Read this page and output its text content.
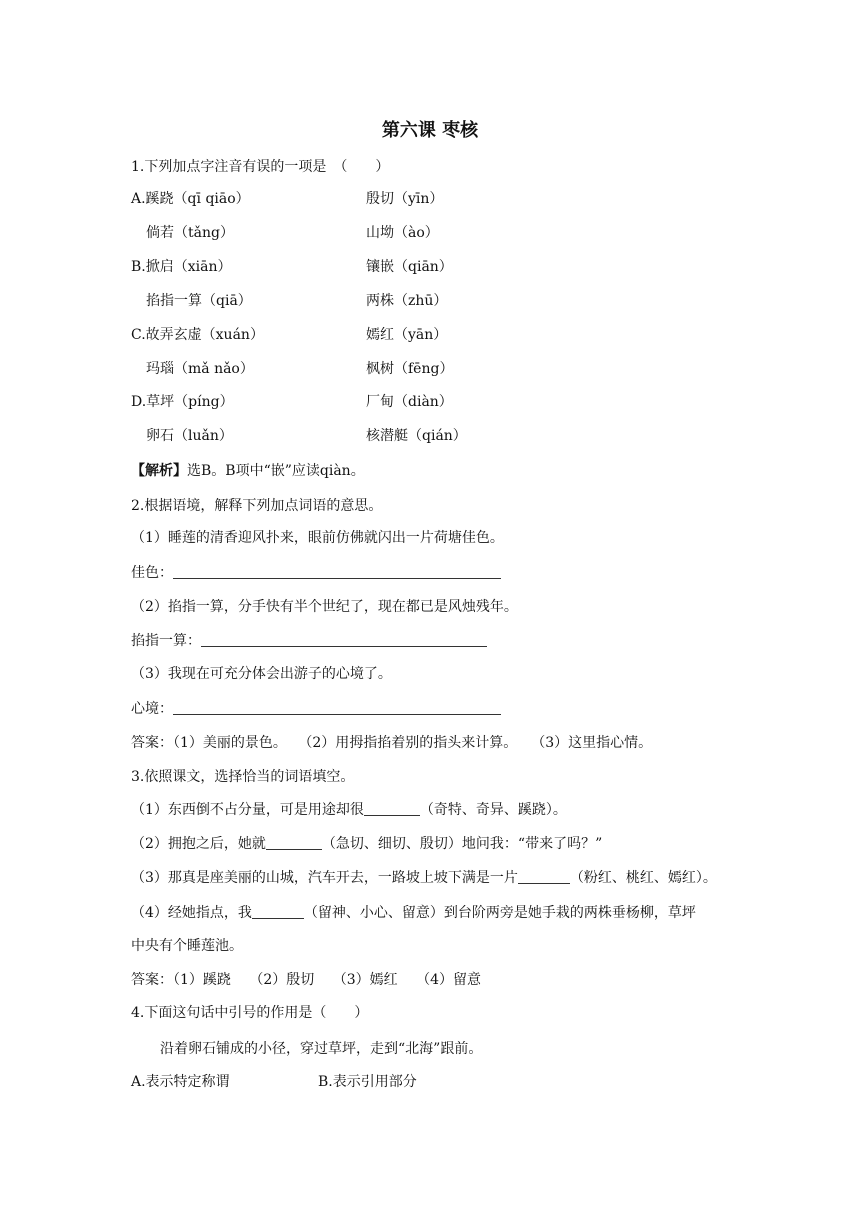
第六课 枣核
1.下列加点字注音有误的一项是　（　　）
A.蹊跷（qī qiāo）	殷切（yīn）
倘若（tǎng）	山坳（ào）
B.掀启（xiān）	镶嵌（qiān）
掐指一算（qiā）	两株（zhū）
C.故弄玄虚（xuán）	嫣红（yān）
玛瑙（mǎ nǎo）	枫树（fēng）
D.草坪（píng）	厂甸（diàn）
卵石（luǎn）	核潜艇（qián）
【解析】选B。B项中“嵌”应读qiàn。
2.根据语境，解释下列加点词语的意思。
（1）睡莲的清香迎风扑来，眼前仿佛就闪出一片荷塘佳色。
佳色：
（2）掐指一算，分手快有半个世纪了，现在都已是风烛残年。
掐指一算：
（3）我现在可充分体会出游子的心境了。
心境：
答案：（1）美丽的景色。　 （2）用拇指掐着别的指头来计算。　　（3）这里指心情。
3.依照课文，选择恰当的词语填空。
（1）东西倒不占分量，可是用途却很	（奇特、奇异、蹊跷）。
（2）拥抱之后，她就	（急切、细切、殷切）地问我：“带来了吗？”
（3）那真是座美丽的山城，汽车开去，一路坡上坡下满是一片	（粉红、桃红、嫣红）。
（4）经她指点，我	（留神、小心、留意）到台阶两旁是她手栽的两株垂杨柳，草坪
中央有个睡莲池。
答案：（1）蹊跷　 （2）殷切　 （3）嫣红　 （4）留意
4.下面这句话中引号的作用是（　　）
沿着卵石铺成的小径，穿过草坪，走到“北海”跟前。
A.表示特定称谓	B.表示引用部分
